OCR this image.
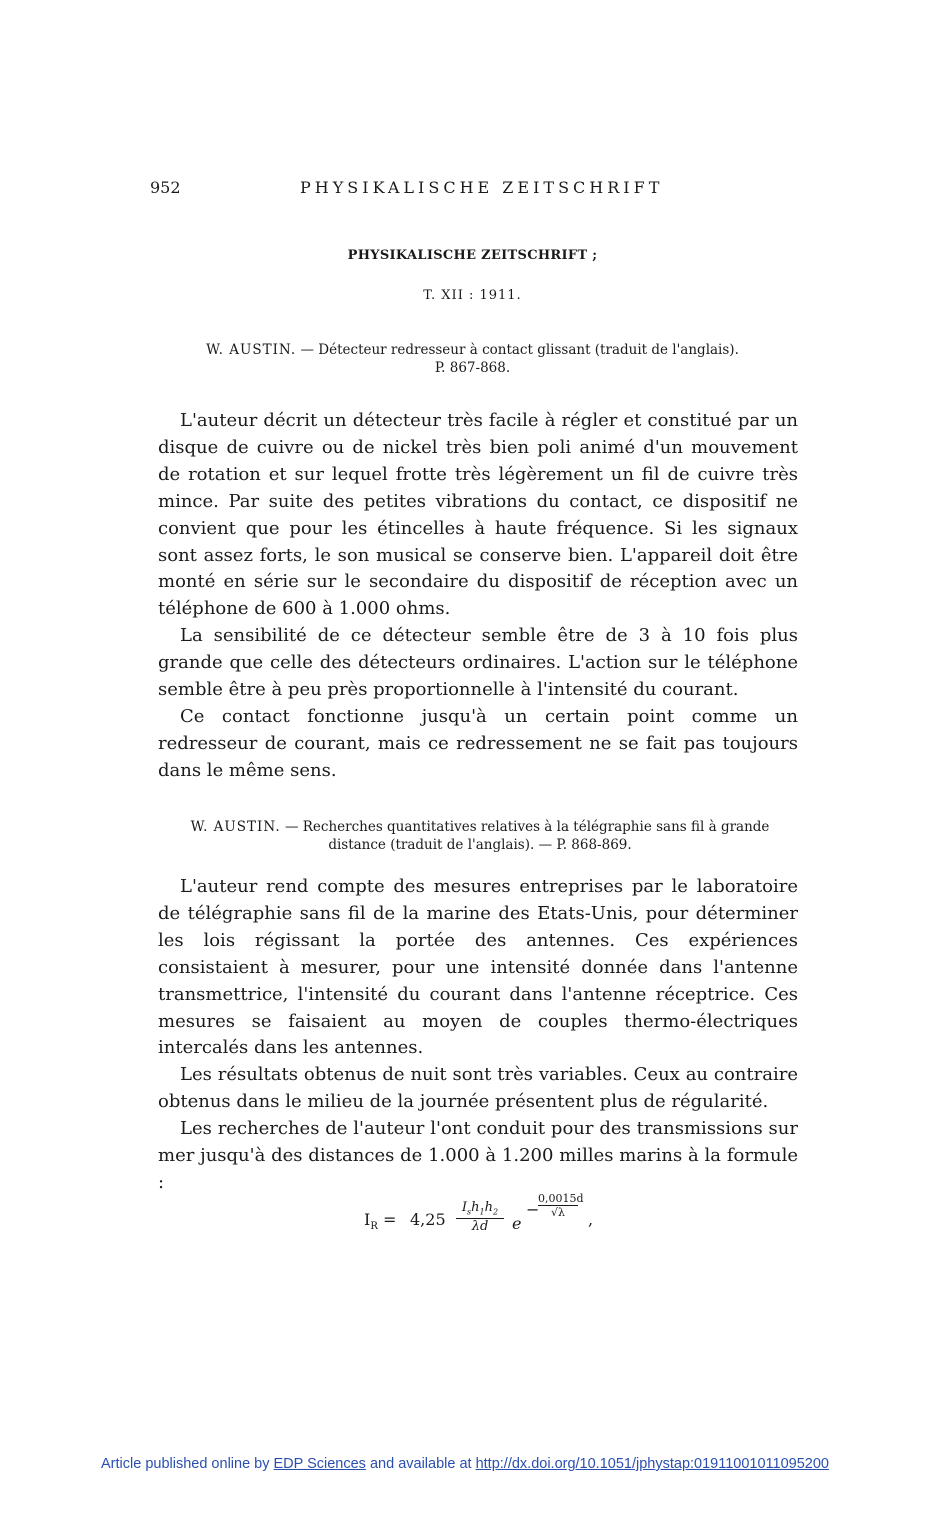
952	PHYSIKALISCHE ZEITSCHRIFT
PHYSIKALISCHE ZEITSCHRIFT ;
T. XII : 1911.
W. AUSTIN. — Détecteur redresseur à contact glissant (traduit de l'anglais).
P. 867-868.

L'auteur décrit un détecteur très facile à régler et constitué par un disque de cuivre ou de nickel très bien poli animé d'un mouvement de rotation et sur lequel frotte très légèrement un fil de cuivre très mince. Par suite des petites vibrations du contact, ce dispositif ne convient que pour les étincelles à haute fréquence. Si les signaux sont assez forts, le son musical se conserve bien. L'appareil doit être monté en série sur le secondaire du dispositif de réception avec un téléphone de 600 à 1.000 ohms.

La sensibilité de ce détecteur semble être de 3 à 10 fois plus grande que celle des détecteurs ordinaires. L'action sur le téléphone semble être à peu près proportionnelle à l'intensité du courant.

Ce contact fonctionne jusqu'à un certain point comme un redresseur de courant, mais ce redressement ne se fait pas toujours dans le même sens.

W. AUSTIN. — Recherches quantitatives relatives à la télégraphie sans fil à grande distance (traduit de l'anglais). — P. 868-869.

L'auteur rend compte des mesures entreprises par le laboratoire de télégraphie sans fil de la marine des Etats-Unis, pour déterminer les lois régissant la portée des antennes. Ces expériences consistaient à mesurer, pour une intensité donnée dans l'antenne transmettrice, l'intensité du courant dans l'antenne réceptrice. Ces mesures se faisaient au moyen de couples thermo-électriques intercalés dans les antennes.

Les résultats obtenus de nuit sont très variables. Ceux au contraire obtenus dans le milieu de la journée présentent plus de régularité.

Les recherches de l'auteur l'ont conduit pour des transmissions sur mer jusqu'à des distances de 1.000 à 1.200 milles marins à la formule :

$I_R = 4,25$
$I_sh_1h_2$
λd	e
−
$\frac{0,0015d}{√\lambda}$
,
Article published online by EDP Sciences and available at http://dx.doi.org/10.1051/jphystap:01911001011095200
